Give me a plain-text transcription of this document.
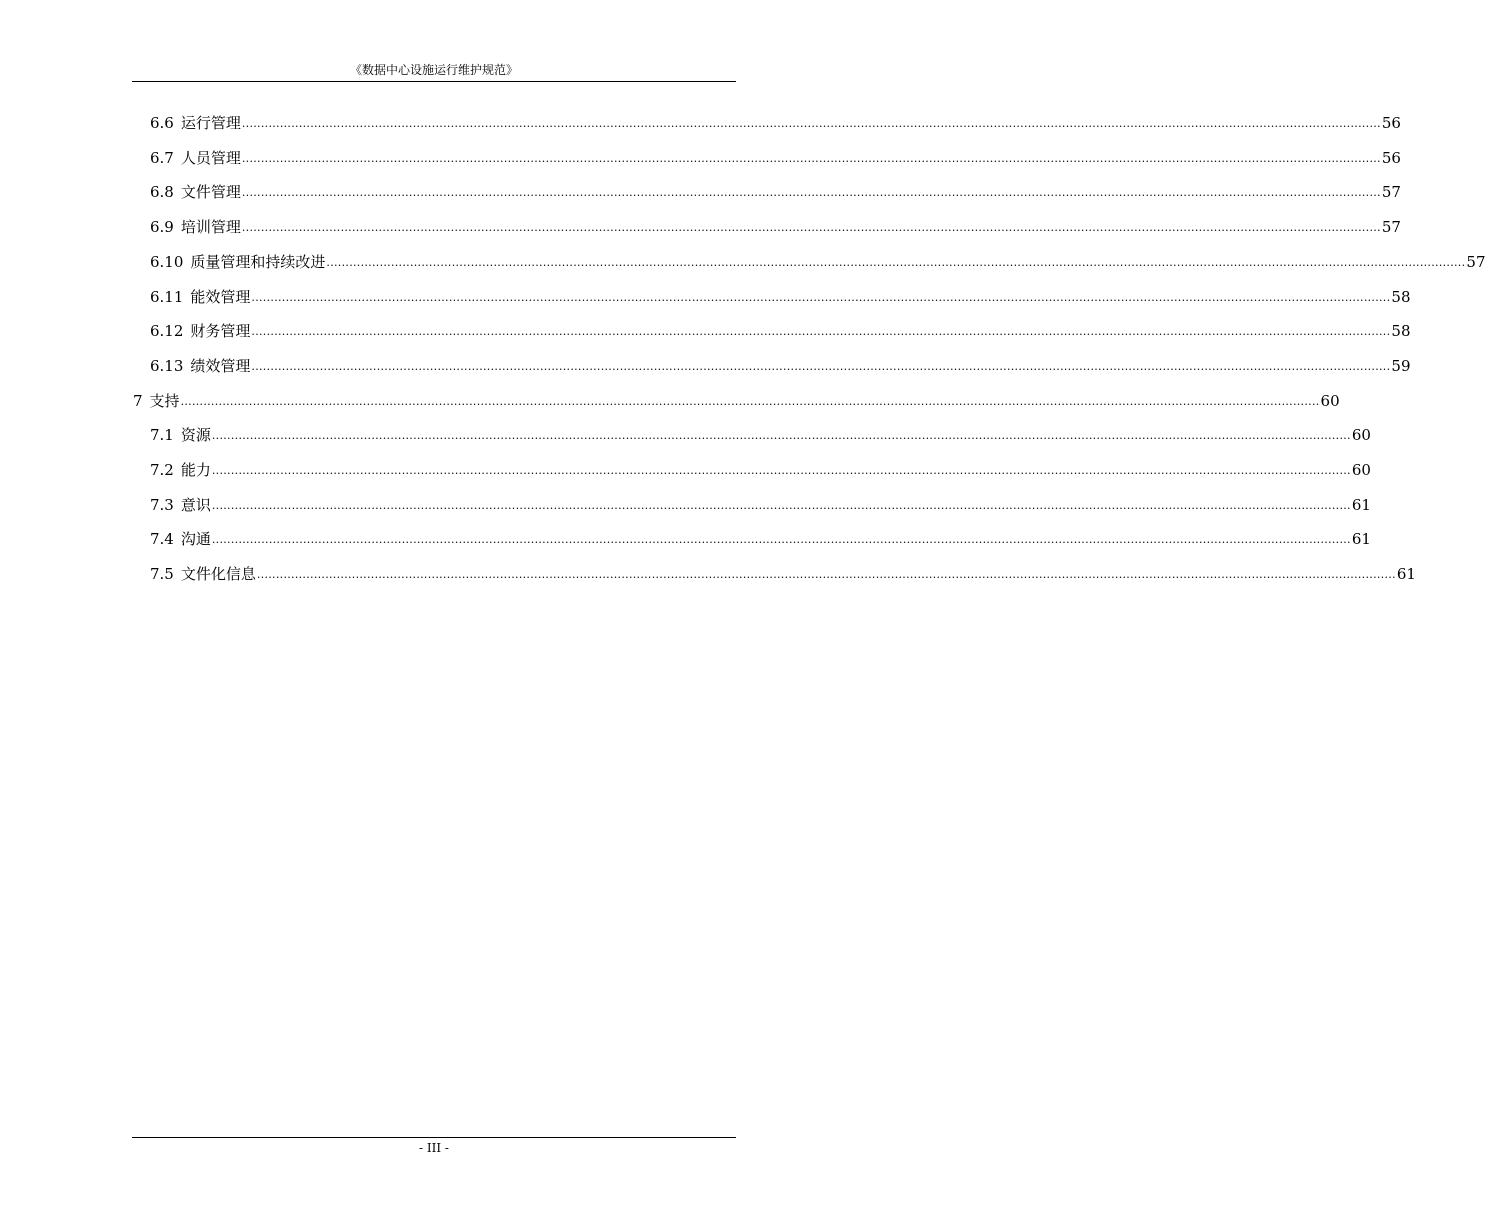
《数据中心设施运行维护规范》
6.6 运行管理 ............................................................................................................................................................................................................................................................................................................ 56
6.7 人员管理 ............................................................................................................................................................................................................................................................................................................ 56
6.8 文件管理 ............................................................................................................................................................................................................................................................................................................ 57
6.9 培训管理 ............................................................................................................................................................................................................................................................................................................ 57
6.10 质量管理和持续改进 ............................................................................................................................................................................................................................................................................................................ 57
6.11 能效管理 ............................................................................................................................................................................................................................................................................................................ 58
6.12 财务管理 ............................................................................................................................................................................................................................................................................................................ 58
6.13 绩效管理 ............................................................................................................................................................................................................................................................................................................ 59
7 支持 ............................................................................................................................................................................................................................................................................................................ 60
7.1 资源 ............................................................................................................................................................................................................................................................................................................ 60
7.2 能力 ............................................................................................................................................................................................................................................................................................................ 60
7.3 意识 ............................................................................................................................................................................................................................................................................................................ 61
7.4 沟通 ............................................................................................................................................................................................................................................................................................................ 61
7.5 文件化信息 ............................................................................................................................................................................................................................................................................................................ 61
- III -
